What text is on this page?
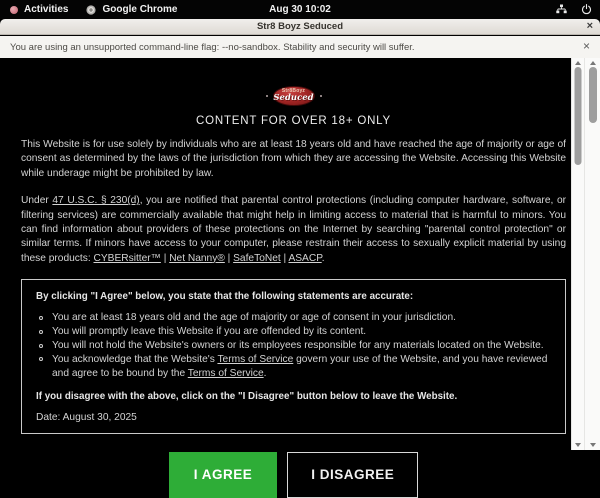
Activities	Google Chrome	Aug 30 10:02
Str8 Boyz Seduced	×
You are using an unsupported command-line flag: --no-sandbox. Stability and security will suffer.	×
Str8Boyz
Seduced
CONTENT FOR OVER 18+ ONLY

This Website is for use solely by individuals who are at least 18 years old and have reached the age of majority or age of consent as determined by the laws of the jurisdiction from which they are accessing the Website. Accessing this Website while underage might be prohibited by law.

Under 47 U.S.C. § 230(d), you are notified that parental control protections (including computer hardware, software, or filtering services) are commercially available that might help in limiting access to material that is harmful to minors. You can find information about providers of these protections on the Internet by searching "parental control protection" or similar terms. If minors have access to your computer, please restrain their access to sexually explicit material by using these products: CYBERsitter™ | Net Nanny® | SafeToNet | ASACP.

By clicking "I Agree" below, you state that the following statements are accurate:

You are at least 18 years old and the age of majority or age of consent in your jurisdiction.
You will promptly leave this Website if you are offended by its content.
You will not hold the Website's owners or its employees responsible for any materials located on the Website.
You acknowledge that the Website's Terms of Service govern your use of the Website, and you have reviewed and agree to be bound by the Terms of Service.

If you disagree with the above, click on the "I Disagree" button below to leave the Website.

Date: August 30, 2025

I AGREE	I DISAGREE
